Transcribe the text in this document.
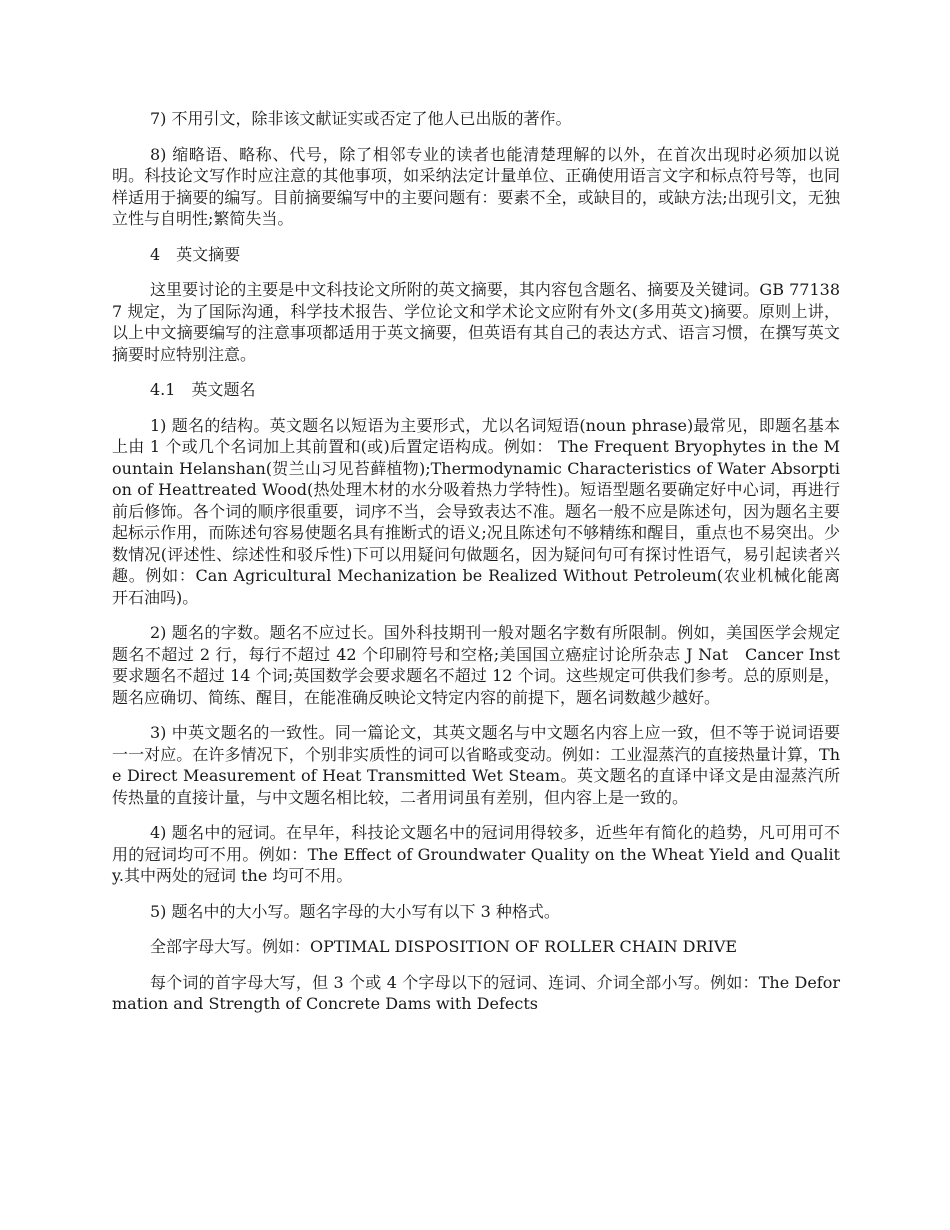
7) 不用引文，除非该文献证实或否定了他人已出版的著作。

8) 缩略语、略称、代号，除了相邻专业的读者也能清楚理解的以外，在首次出现时必须加以说明。科技论文写作时应注意的其他事项，如采纳法定计量单位、正确使用语言文字和标点符号等，也同样适用于摘要的编写。目前摘要编写中的主要问题有：要素不全，或缺目的，或缺方法;出现引文，无独立性与自明性;繁简失当。

4　英文摘要

这里要讨论的主要是中文科技论文所附的英文摘要，其内容包含题名、摘要及关键词。GB 771387 规定，为了国际沟通，科学技术报告、学位论文和学术论文应附有外文(多用英文)摘要。原则上讲，以上中文摘要编写的注意事项都适用于英文摘要，但英语有其自己的表达方式、语言习惯，在撰写英文摘要时应特别注意。

4.1　英文题名

1) 题名的结构。英文题名以短语为主要形式，尤以名词短语(noun phrase)最常见，即题名基本上由 1 个或几个名词加上其前置和(或)后置定语构成。例如： The Frequent Bryophytes in the Mountain Helanshan(贺兰山习见苔藓植物);Thermodynamic Characteristics of Water Absorption of Heattreated Wood(热处理木材的水分吸着热力学特性)。短语型题名要确定好中心词，再进行前后修饰。各个词的顺序很重要，词序不当，会导致表达不准。题名一般不应是陈述句，因为题名主要起标示作用，而陈述句容易使题名具有推断式的语义;况且陈述句不够精练和醒目，重点也不易突出。少数情况(评述性、综述性和驳斥性)下可以用疑问句做题名，因为疑问句可有探讨性语气，易引起读者兴趣。例如：Can Agricultural Mechanization be Realized Without Petroleum(农业机械化能离开石油吗)。

2) 题名的字数。题名不应过长。国外科技期刊一般对题名字数有所限制。例如，美国医学会规定题名不超过 2 行，每行不超过 42 个印刷符号和空格;美国国立癌症讨论所杂志 J Nat　Cancer Inst 要求题名不超过 14 个词;英国数学会要求题名不超过 12 个词。这些规定可供我们参考。总的原则是，题名应确切、简练、醒目，在能准确反映论文特定内容的前提下，题名词数越少越好。

3) 中英文题名的一致性。同一篇论文，其英文题名与中文题名内容上应一致，但不等于说词语要一一对应。在许多情况下，个别非实质性的词可以省略或变动。例如：工业湿蒸汽的直接热量计算，The Direct Measurement of Heat Transmitted Wet Steam。英文题名的直译中译文是由湿蒸汽所传热量的直接计量，与中文题名相比较，二者用词虽有差别，但内容上是一致的。

4) 题名中的冠词。在早年，科技论文题名中的冠词用得较多，近些年有简化的趋势，凡可用可不用的冠词均可不用。例如：The Effect of Groundwater Quality on the Wheat Yield and Quality.其中两处的冠词 the 均可不用。

5) 题名中的大小写。题名字母的大小写有以下 3 种格式。

全部字母大写。例如：OPTIMAL DISPOSITION OF ROLLER CHAIN DRIVE

每个词的首字母大写，但 3 个或 4 个字母以下的冠词、连词、介词全部小写。例如：The Deformation and Strength of Concrete Dams with Defects
